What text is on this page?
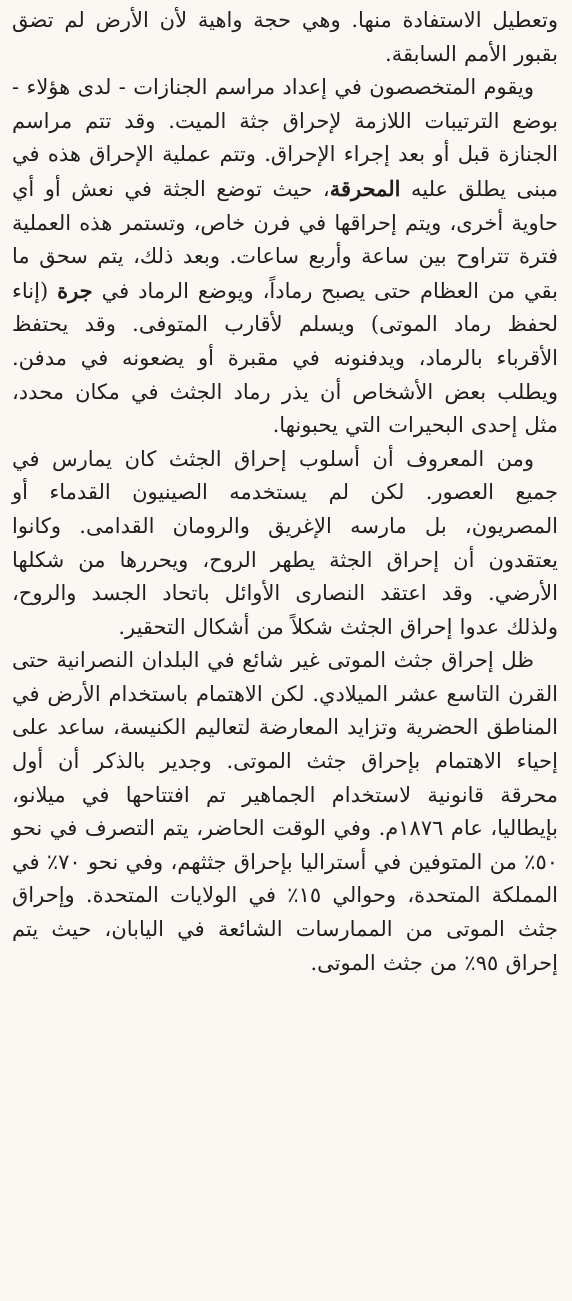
وتعطيل الاستفادة منها. وهي حجة واهية لأن الأرض لم تضق بقبور الأمم السابقة.

ويقوم المتخصصون في إعداد مراسم الجنازات - لدى هؤلاء - بوضع الترتيبات اللازمة لإحراق جثة الميت. وقد تتم مراسم الجنازة قبل أو بعد إجراء الإحراق. وتتم عملية الإحراق هذه في مبنى يطلق عليه المحرقة، حيث توضع الجثة في نعش أو أي حاوية أخرى، ويتم إحراقها في فرن خاص، وتستمر هذه العملية فترة تتراوح بين ساعة وأربع ساعات. وبعد ذلك، يتم سحق ما بقي من العظام حتى يصبح رماداً، ويوضع الرماد في جرة (إناء لحفظ رماد الموتى) ويسلم لأقارب المتوفى. وقد يحتفظ الأقرباء بالرماد، ويدفنونه في مقبرة أو يضعونه في مدفن. ويطلب بعض الأشخاص أن يذر رماد الجثث في مكان محدد، مثل إحدى البحيرات التي يحبونها.

ومن المعروف أن أسلوب إحراق الجثث كان يمارس في جميع العصور. لكن لم يستخدمه الصينيون القدماء أو المصريون، بل مارسه الإغريق والرومان القدامى. وكانوا يعتقدون أن إحراق الجثة يطهر الروح، ويحررها من شكلها الأرضي. وقد اعتقد النصارى الأوائل باتحاد الجسد والروح، ولذلك عدوا إحراق الجثث شكلاً من أشكال التحقير.

ظل إحراق جثث الموتى غير شائع في البلدان النصرانية حتى القرن التاسع عشر الميلادي. لكن الاهتمام باستخدام الأرض في المناطق الحضرية وتزايد المعارضة لتعاليم الكنيسة، ساعد على إحياء الاهتمام بإحراق جثث الموتى. وجدير بالذكر أن أول محرقة قانونية لاستخدام الجماهير تم افتتاحها في ميلانو، بإيطاليا، عام ١٨٧٦م. وفي الوقت الحاضر، يتم التصرف في نحو ٥٠٪ من المتوفين في أستراليا بإحراق جثثهم، وفي نحو ٧٠٪ في المملكة المتحدة، وحوالي ١٥٪ في الولايات المتحدة. وإحراق جثث الموتى من الممارسات الشائعة في اليابان، حيث يتم إحراق ٩٥٪ من جثث الموتى.
